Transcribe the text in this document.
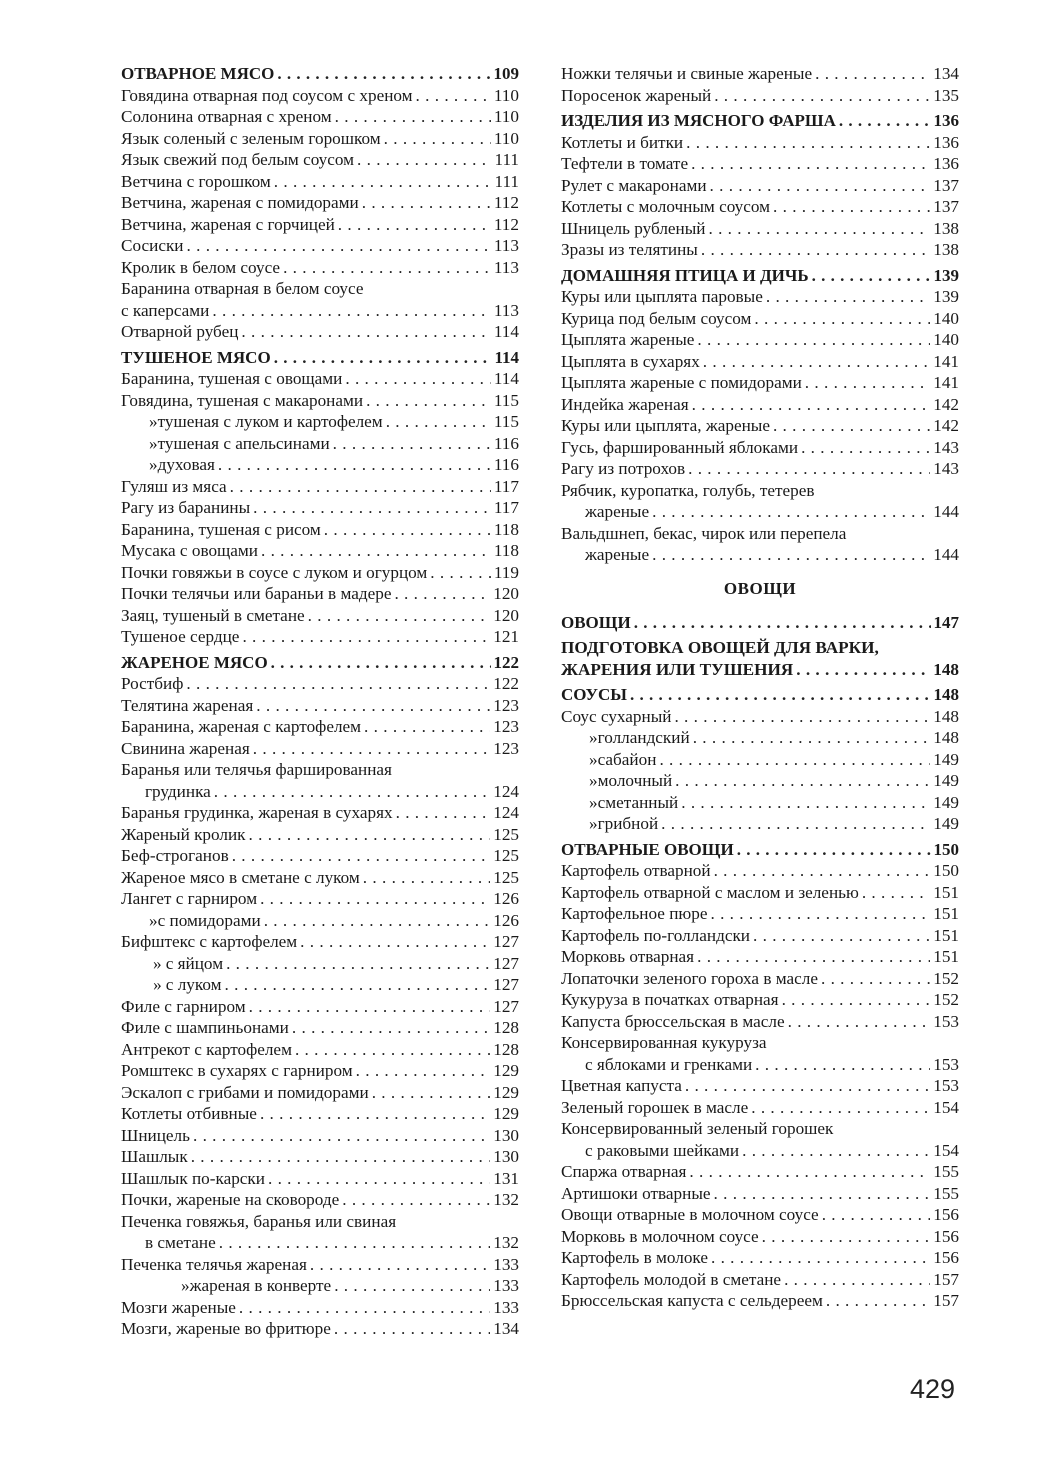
ОТВАРНОЕ МЯСО . . .	109
Говядина отварная под соусом с хреном . . .	110
Солонина отварная с хреном . . .	110
Язык соленый с зеленым горошком . . .	110
Язык свежий под белым соусом . . .	111
Ветчина с горошком . . .	111
Ветчина, жареная с помидорами . . .	112
Ветчина, жареная с горчицей . . .	112
Сосиски . . .	113
Кролик в белом соусе . . .	113
Баранина отварная в белом соусе
с каперсами . . .	113
Отварной рубец . . .	114
ТУШЕНОЕ МЯСО . . .	114
Баранина, тушеная с овощами . . .	114
Говядина, тушеная с макаронами . . .	115
» тушеная с луком и картофелем . . .	115
» тушеная с апельсинами . . .	116
» духовая . . .	116
Гуляш из мяса . . .	117
Рагу из баранины . . .	117
Баранина, тушеная с рисом . . .	118
Мусака с овощами . . .	118
Почки говяжьи в соусе с луком и огурцом . . .	119
Почки телячьи или бараньи в мадере . . .	120
Заяц, тушеный в сметане . . .	120
Тушеное сердце . . .	121
ЖАРЕНОЕ МЯСО . . .	122
Ростбиф . . .	122
Телятина жареная . . .	123
Баранина, жареная с картофелем . . .	123
Свинина жареная . . .	123
Баранья или телячья фаршированная
грудинка . . .	124
Баранья грудинка, жареная в сухарях . . .	124
Жареный кролик . . .	125
Беф-строганов . . .	125
Жареное мясо в сметане с луком . . .	125
Лангет с гарниром . . .	126
» с помидорами . . .	126
Бифштекс с картофелем . . .	127
» с яйцом . . .	127
» с луком . . .	127
Филе с гарниром . . .	127
Филе с шампиньонами . . .	128
Антрекот с картофелем . . .	128
Ромштекс в сухарях с гарниром . . .	129
Эскалоп с грибами и помидорами . . .	129
Котлеты отбивные . . .	129
Шницель . . .	130
Шашлык . . .	130
Шашлык по-карски . . .	131
Почки, жареные на сковороде . . .	132
Печенка говяжья, баранья или свиная
в сметане . . .	132
Печенка телячья жареная . . .	133
» жареная в конверте . . .	133
Мозги жареные . . .	133
Мозги, жареные во фритюре . . .	134
Ножки телячьи и свиные жареные . . .	134
Поросенок жареный . . .	135
ИЗДЕЛИЯ ИЗ МЯСНОГО ФАРША . . .	136
Котлеты и битки . . .	136
Тефтели в томате . . .	136
Рулет с макаронами . . .	137
Котлеты с молочным соусом . . .	137
Шницель рубленый . . .	138
Зразы из телятины . . .	138
ДОМАШНЯЯ ПТИЦА И ДИЧЬ . . .	139
Куры или цыплята паровые . . .	139
Курица под белым соусом . . .	140
Цыплята жареные . . .	140
Цыплята в сухарях . . .	141
Цыплята жареные с помидорами . . .	141
Индейка жареная . . .	142
Куры или цыплята, жареные . . .	142
Гусь, фаршированный яблоками . . .	143
Рагу из потрохов . . .	143
Рябчик, куропатка, голубь, тетерев
жареные . . .	144
Вальдшнеп, бекас, чирок или перепела
жареные . . .	144
ОВОЩИ
ОВОЩИ . . .	147
ПОДГОТОВКА ОВОЩЕЙ ДЛЯ ВАРКИ,
ЖАРЕНИЯ ИЛИ ТУШЕНИЯ . . .	148
СОУСЫ . . .	148
Соус сухарный . . .	148
» голландский . . .	148
» сабайон . . .	149
» молочный . . .	149
» сметанный . . .	149
» грибной . . .	149
ОТВАРНЫЕ ОВОЩИ . . .	150
Картофель отварной . . .	150
Картофель отварной с маслом и зеленью . . .	151
Картофельное пюре . . .	151
Картофель по-голландски . . .	151
Морковь отварная . . .	151
Лопаточки зеленого гороха в масле . . .	152
Кукуруза в початках отварная . . .	152
Капуста брюссельская в масле . . .	153
Консервированная кукуруза
с яблоками и гренками . . .	153
Цветная капуста . . .	153
Зеленый горошек в масле . . .	154
Консервированный зеленый горошек
с раковыми шейками . . .	154
Спаржа отварная . . .	155
Артишоки отварные . . .	155
Овощи отварные в молочном соусе . . .	156
Морковь в молочном соусе . . .	156
Картофель в молоке . . .	156
Картофель молодой в сметане . . .	157
Брюссельская капуста с сельдереем . . .	157
429
